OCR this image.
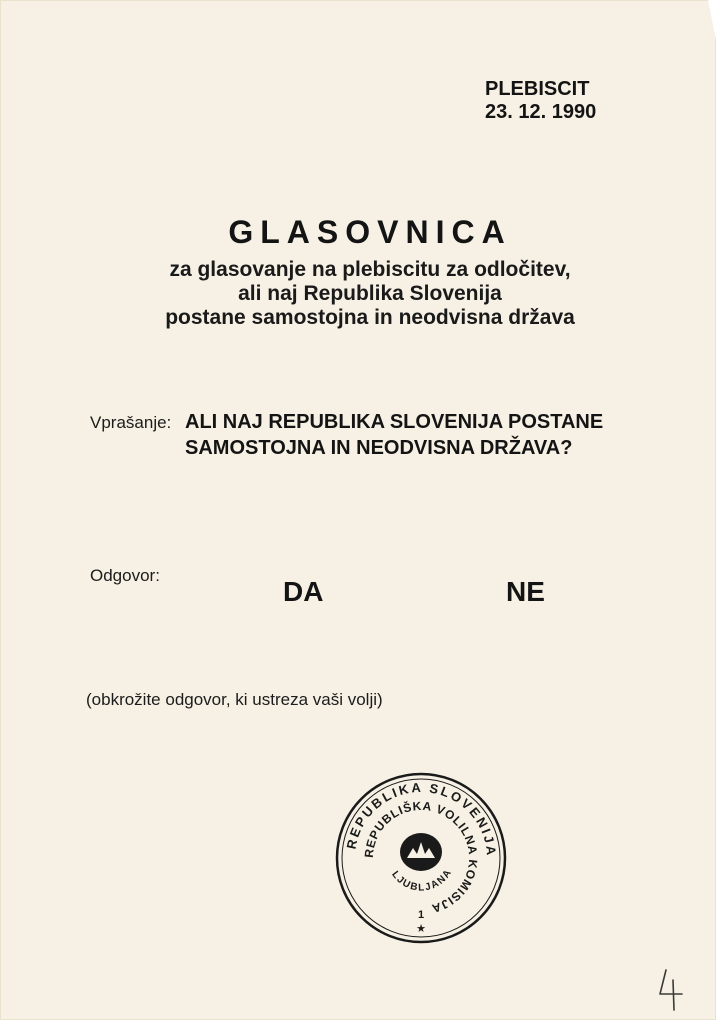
PLEBISCIT
23. 12. 1990
GLASOVNICA
za glasovanje na plebiscitu za odločitev,
ali naj Republika Slovenija
postane samostojna in neodvisna država
Vprašanje: ALI NAJ REPUBLIKA SLOVENIJA POSTANE
SAMOSTOJNA IN NEODVISNA DRŽAVA?
Odgovor:
DA	NE
(obkrožite odgovor, ki ustreza vaši volji)
REPUBLIKA SLOVENIJA
REPUBLIŠKA VOLILNA KOMISIJA
LJUBLJANA
1
★
